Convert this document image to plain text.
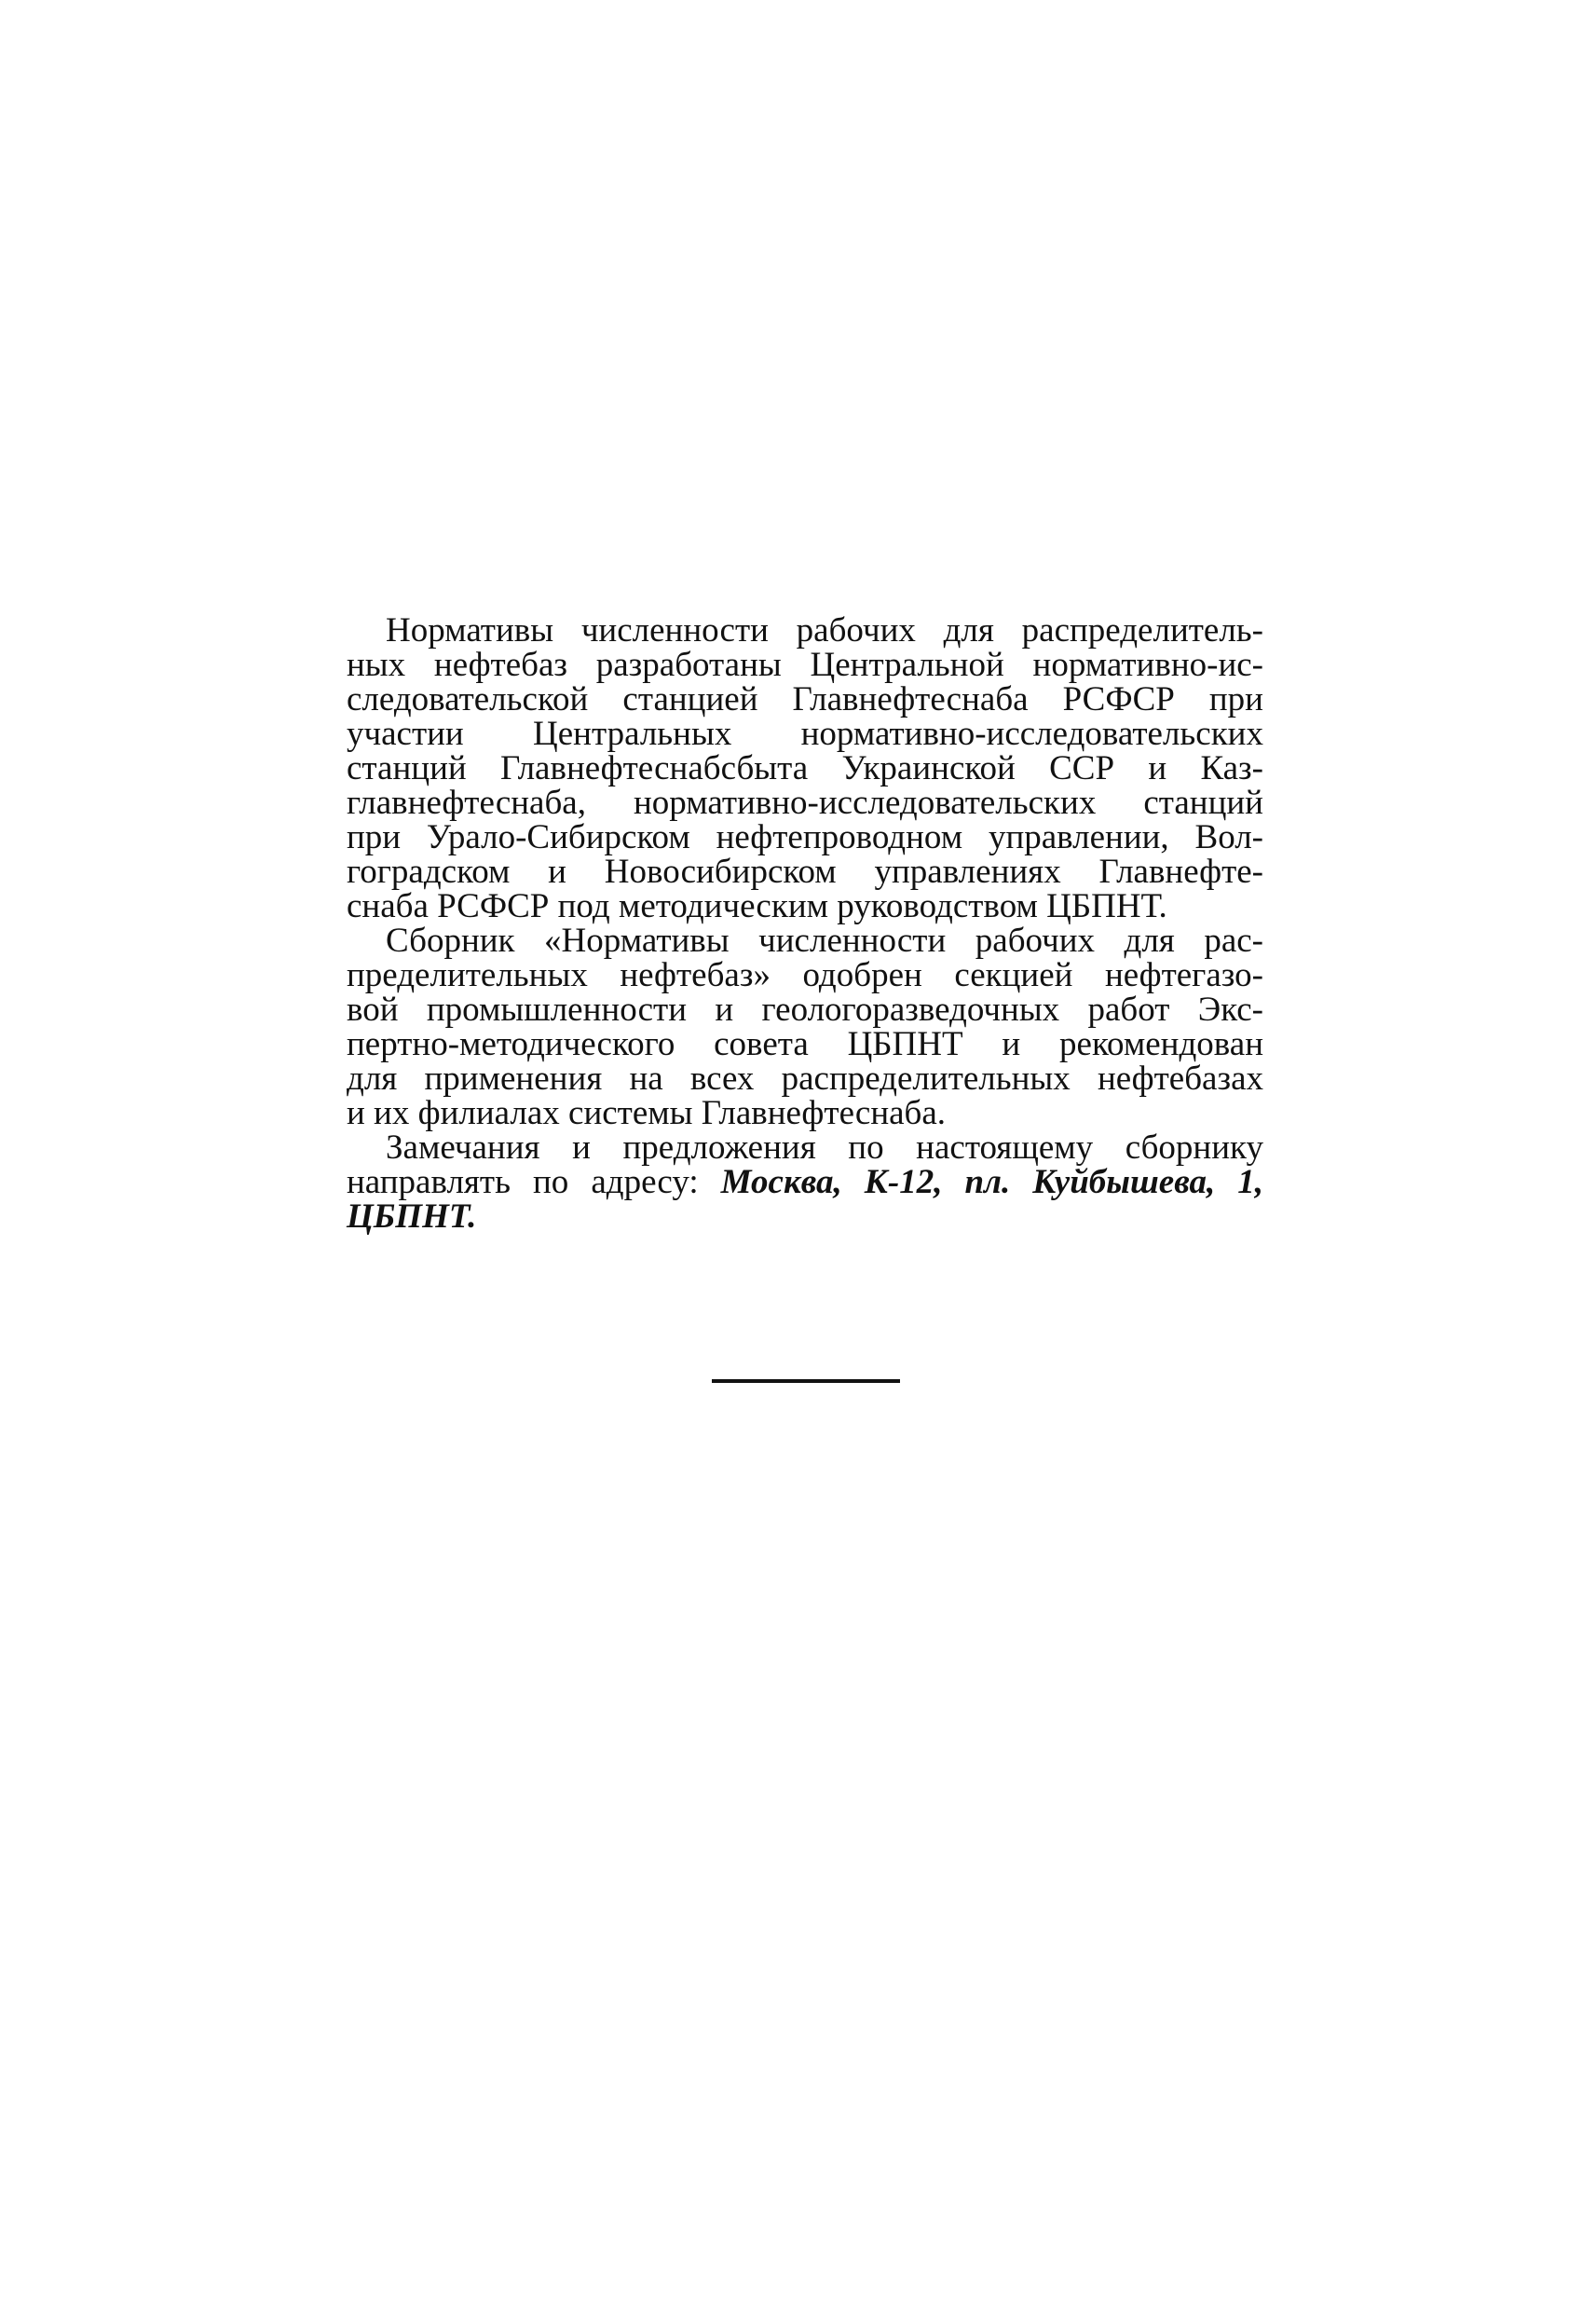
Нормативы численности рабочих для распределитель-
ных нефтебаз разработаны Центральной нормативно-ис-
следовательской станцией Главнефтеснаба РСФСР при
участии Центральных нормативно-исследовательских
станций Главнефтеснабсбыта Украинской ССР и Каз-
главнефтеснаба, нормативно-исследовательских станций
при Урало-Сибирском нефтепроводном управлении, Вол-
гоградском и Новосибирском управлениях Главнефте-
снаба РСФСР под методическим руководством ЦБПНТ.
Сборник «Нормативы численности рабочих для рас-
пределительных нефтебаз» одобрен секцией нефтегазо-
вой промышленности и геологоразведочных работ Экс-
пертно-методического совета ЦБПНТ и рекомендован
для применения на всех распределительных нефтебазах
и их филиалах системы Главнефтеснаба.
Замечания и предложения по настоящему сборнику
направлять по адресу: Москва, К-12, пл. Куйбышева, 1,
ЦБПНТ.
